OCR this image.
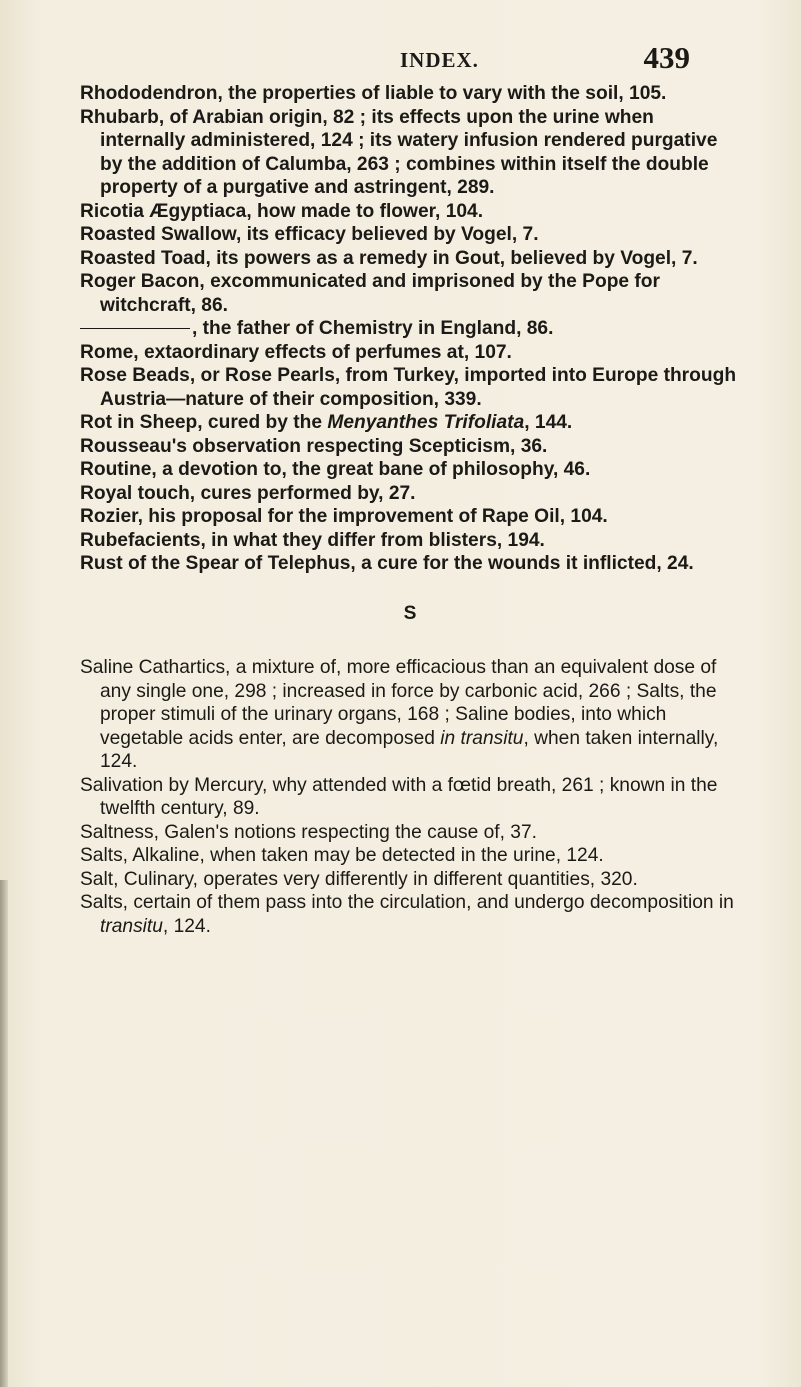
INDEX.	439

Rhododendron, the properties of liable to vary with the soil, 105.

Rhubarb, of Arabian origin, 82 ; its effects upon the urine when internally administered, 124 ; its watery infusion rendered purgative by the addition of Calumba, 263 ; combines within itself the double property of a purgative and astringent, 289.

Ricotia Ægyptiaca, how made to flower, 104.

Roasted Swallow, its efficacy believed by Vogel, 7.

Roasted Toad, its powers as a remedy in Gout, believed by Vogel, 7.

Roger Bacon, excommunicated and imprisoned by the Pope for witchcraft, 86.

, the father of Chemistry in England, 86.

Rome, extaordinary effects of perfumes at, 107.

Rose Beads, or Rose Pearls, from Turkey, imported into Europe through Austria—nature of their composition, 339.

Rot in Sheep, cured by the Menyanthes Trifoliata, 144.

Rousseau's observation respecting Scepticism, 36.

Routine, a devotion to, the great bane of philosophy, 46.

Royal touch, cures performed by, 27.

Rozier, his proposal for the improvement of Rape Oil, 104.

Rubefacients, in what they differ from blisters, 194.

Rust of the Spear of Telephus, a cure for the wounds it inflicted, 24.

S

Saline Cathartics, a mixture of, more efficacious than an equivalent dose of any single one, 298 ; increased in force by carbonic acid, 266 ; Salts, the proper stimuli of the urinary organs, 168 ; Saline bodies, into which vegetable acids enter, are decomposed in transitu, when taken internally, 124.

Salivation by Mercury, why attended with a fœtid breath, 261 ; known in the twelfth century, 89.

Saltness, Galen's notions respecting the cause of, 37.

Salts, Alkaline, when taken may be detected in the urine, 124.

Salt, Culinary, operates very differently in different quantities, 320.

Salts, certain of them pass into the circulation, and undergo decomposition in transitu, 124.
